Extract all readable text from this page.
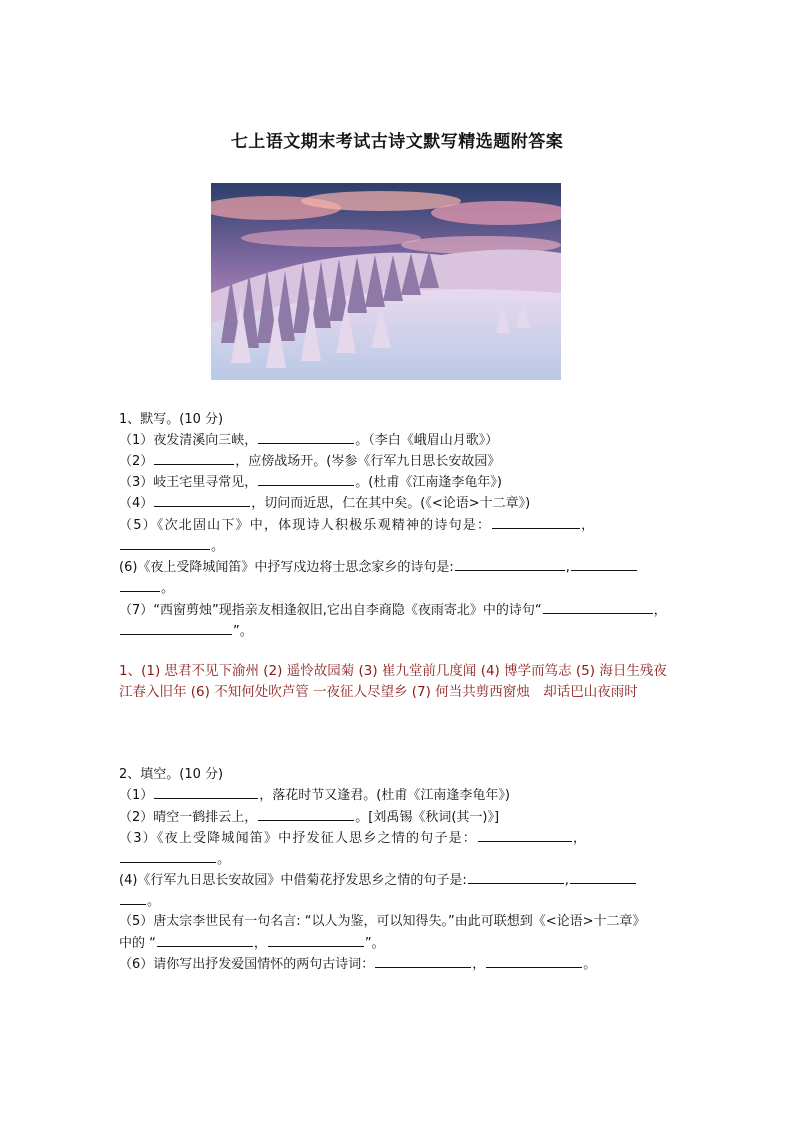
七上语文期末考试古诗文默写精选题附答案
1、默写。(10 分)
（1）夜发清溪向三峡，	。（李白《峨眉山月歌》）
（2）	，应傍战场开。(岑参《行军九日思长安故园》
（3）岐王宅里寻常见，	。(杜甫《江南逢李龟年》)
（4）	，切问而近思，仁在其中矣。(《<论语>十二章》)
（5）《次北固山下》中，体现诗人积极乐观精神的诗句是：	，
。
(6)《夜上受降城闻笛》中抒写戍边将士思念家乡的诗句是:	,
。
（7）“西窗剪烛”现指亲友相逢叙旧,它出自李商隐《夜雨寄北》中的诗句“	，
”。
1、(1) 思君不见下渝州 (2) 遥怜故园菊 (3) 崔九堂前几度闻 (4) 博学而笃志 (5) 海日生残夜　江春入旧年 (6) 不知何处吹芦管 一夜征人尽望乡 (7) 何当共剪西窗烛　却话巴山夜雨时
2、填空。(10 分)
（1）	，落花时节又逢君。(杜甫《江南逢李龟年》)
（2）晴空一鹤排云上，	。[刘禹锡《秋词(其一)》]
（3）《夜上受降城闻笛》中抒发征人思乡之情的句子是：	，
。
(4)《行军九日思长安故园》中借菊花抒发思乡之情的句子是:	,
。
（5）唐太宗李世民有一句名言: “以人为鉴，可以知得失。”由此可联想到《<论语>十二章》
中的 “	，	”。
（6）请你写出抒发爱国情怀的两句古诗词：	，	。
